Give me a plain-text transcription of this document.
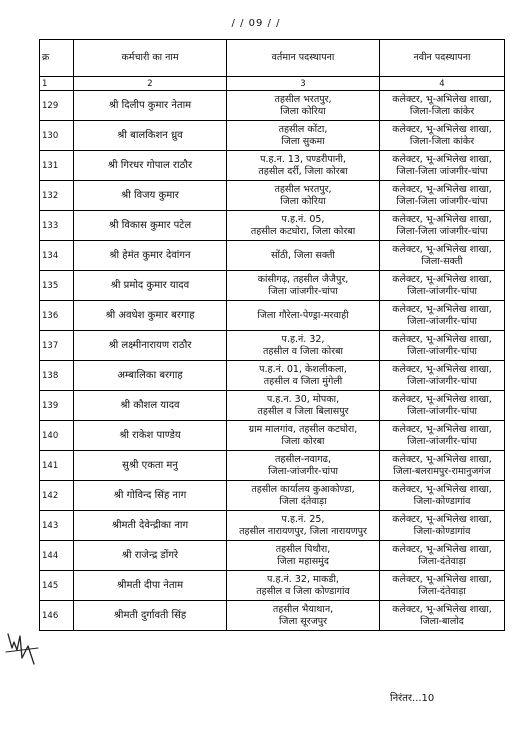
/ / 09 / /
क्र	कर्मचारी का नाम	वर्तमान पदस्थापना	नवीन पदस्थापना
1	2	3	4
129	श्री दिलीप कुमार नेताम	तहसील भरतपुर,
जिला कोरिया	कलेक्टर, भू-अभिलेख शाखा,
जिला-जिला कांकेर

130	श्री बालकिशन ध्रुव	तहसील कोंटा,
जिला सुकमा	कलेक्टर, भू-अभिलेख शाखा,
जिला-जिला कांकेर

131	श्री गिरधर गोपाल राठौर	प.ह.न. 13, पण्डरीपानी,
तहसील दर्री, जिला कोरबा	कलेक्टर, भू-अभिलेख शाखा,
जिला-जिला जांजगीर-चांपा

132	श्री विजय कुमार	तहसील भरतपुर,
जिला कोरिया	कलेक्टर, भू-अभिलेख शाखा,
जिला-जिला जांजगीर-चांपा

133	श्री विकास कुमार पटेल	प.ह.नं. 05,
तहसील कटघोरा, जिला कोरबा	कलेक्टर, भू-अभिलेख शाखा,
जिला-जिला जांजगीर-चांपा

134	श्री हेमंत कुमार देवांगन	सोंठी, जिला सक्ती	कलेक्टर, भू-अभिलेख शाखा,
जिला-सक्ती

135	श्री प्रमोद कुमार यादव	कांसीगढ़, तहसील जैजैपुर,
जिला जांजगीर-चांपा	कलेक्टर, भू-अभिलेख शाखा,
जिला-जांजगीर-चांपा

136	श्री अवधेश कुमार बरगाह	जिला गौरेला-पेण्ड्रा-मरवाही	कलेक्टर, भू-अभिलेख शाखा,
जिला-जांजगीर-चांपा

137	श्री लक्ष्मीनारायण राठौर	प.ह.नं. 32,
तहसील व जिला कोरबा	कलेक्टर, भू-अभिलेख शाखा,
जिला-जांजगीर-चांपा

138	अम्बालिका बरगाह	प.ह.नं. 01, केशलीकला,
तहसील व जिला मुंगेली	कलेक्टर, भू-अभिलेख शाखा,
जिला-जांजगीर-चांपा

139	श्री कौशल यादव	प.ह.न. 30, मोपका,
तहसील व जिला बिलासपुर	कलेक्टर, भू-अभिलेख शाखा,
जिला-जांजगीर-चांपा

140	श्री राकेश पाण्डेय	ग्राम मालगांव, तहसील कटघोरा,
जिला कोरबा	कलेक्टर, भू-अभिलेख शाखा,
जिला-जांजगीर-चांपा

141	सुश्री एकता मनु	तहसील-नवागढ,
जिला-जांजगीर-चांपा	कलेक्टर, भू-अभिलेख शाखा,
जिला-बलरामपुर-रामानुजगंज

142	श्री गोविन्द सिंह नाग	तहसील कार्यालय कुआकोण्डा,
जिला दंतेवाड़ा	कलेक्टर, भू-अभिलेख शाखा,
जिला-कोण्डागांव

143	श्रीमती देवेन्द्रीका नाग	प.ह.नं. 25,
तहसील नारायणपुर, जिला नारायणपुर	कलेक्टर, भू-अभिलेख शाखा,
जिला-कोण्डागांव

144	श्री राजेन्द्र डोंगरे	तहसील पिथौरा,
जिला महासमुंद	कलेक्टर, भू-अभिलेख शाखा,
जिला-दंतेवाड़ा

145	श्रीमती दीपा नेताम	प.ह.नं. 32, माकडी,
तहसील व जिला कोण्डागांव	कलेक्टर, भू-अभिलेख शाखा,
जिला-दंतेवाड़ा

146	श्रीमती दुर्गावती सिंह	तहसील भैयाथान,
जिला सूरजपुर	कलेक्टर, भू-अभिलेख शाखा,
जिला-बालोद
निरंतर...10
